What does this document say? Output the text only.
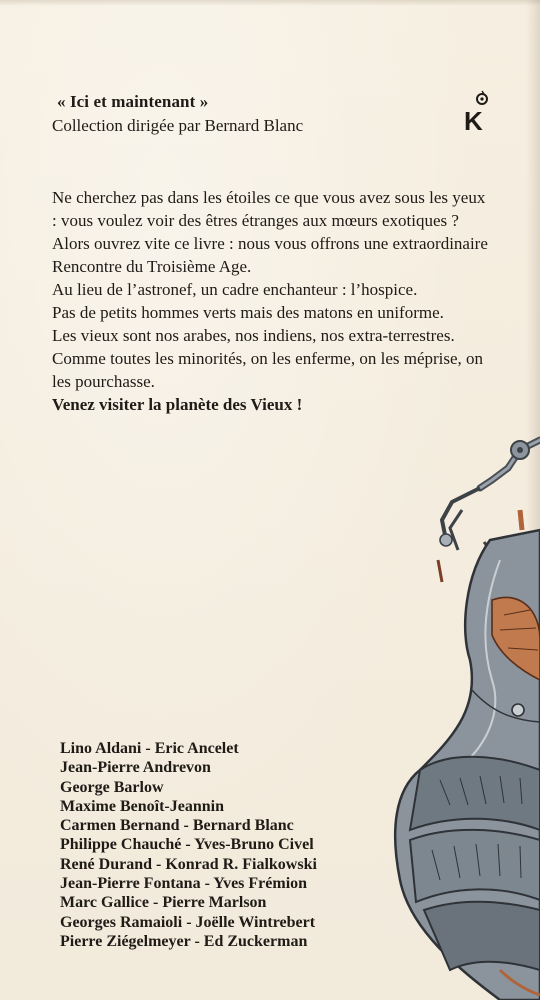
« Ici et maintenant »
Collection dirigée par Bernard Blanc	K

Ne cherchez pas dans les étoiles ce que vous avez sous les yeux : vous voulez voir des êtres étranges aux mœurs exotiques ? Alors ouvrez vite ce livre : nous vous offrons une extraordinaire Rencontre du Troisième Age.

Au lieu de l’astronef, un cadre enchanteur : l’hospice.

Pas de petits hommes verts mais des matons en uniforme.

Les vieux sont nos arabes, nos indiens, nos extra-terrestres. Comme toutes les minorités, on les enferme, on les méprise, on les pourchasse.

Venez visiter la planète des Vieux !

Lino Aldani - Eric Ancelet
Jean-Pierre Andrevon
George Barlow
Maxime Benoît-Jeannin
Carmen Bernand - Bernard Blanc
Philippe Chauché - Yves-Bruno Civel
René Durand - Konrad R. Fialkowski
Jean-Pierre Fontana - Yves Frémion
Marc Gallice - Pierre Marlson
Georges Ramaioli - Joëlle Wintrebert
Pierre Ziégelmeyer - Ed Zuckerman
